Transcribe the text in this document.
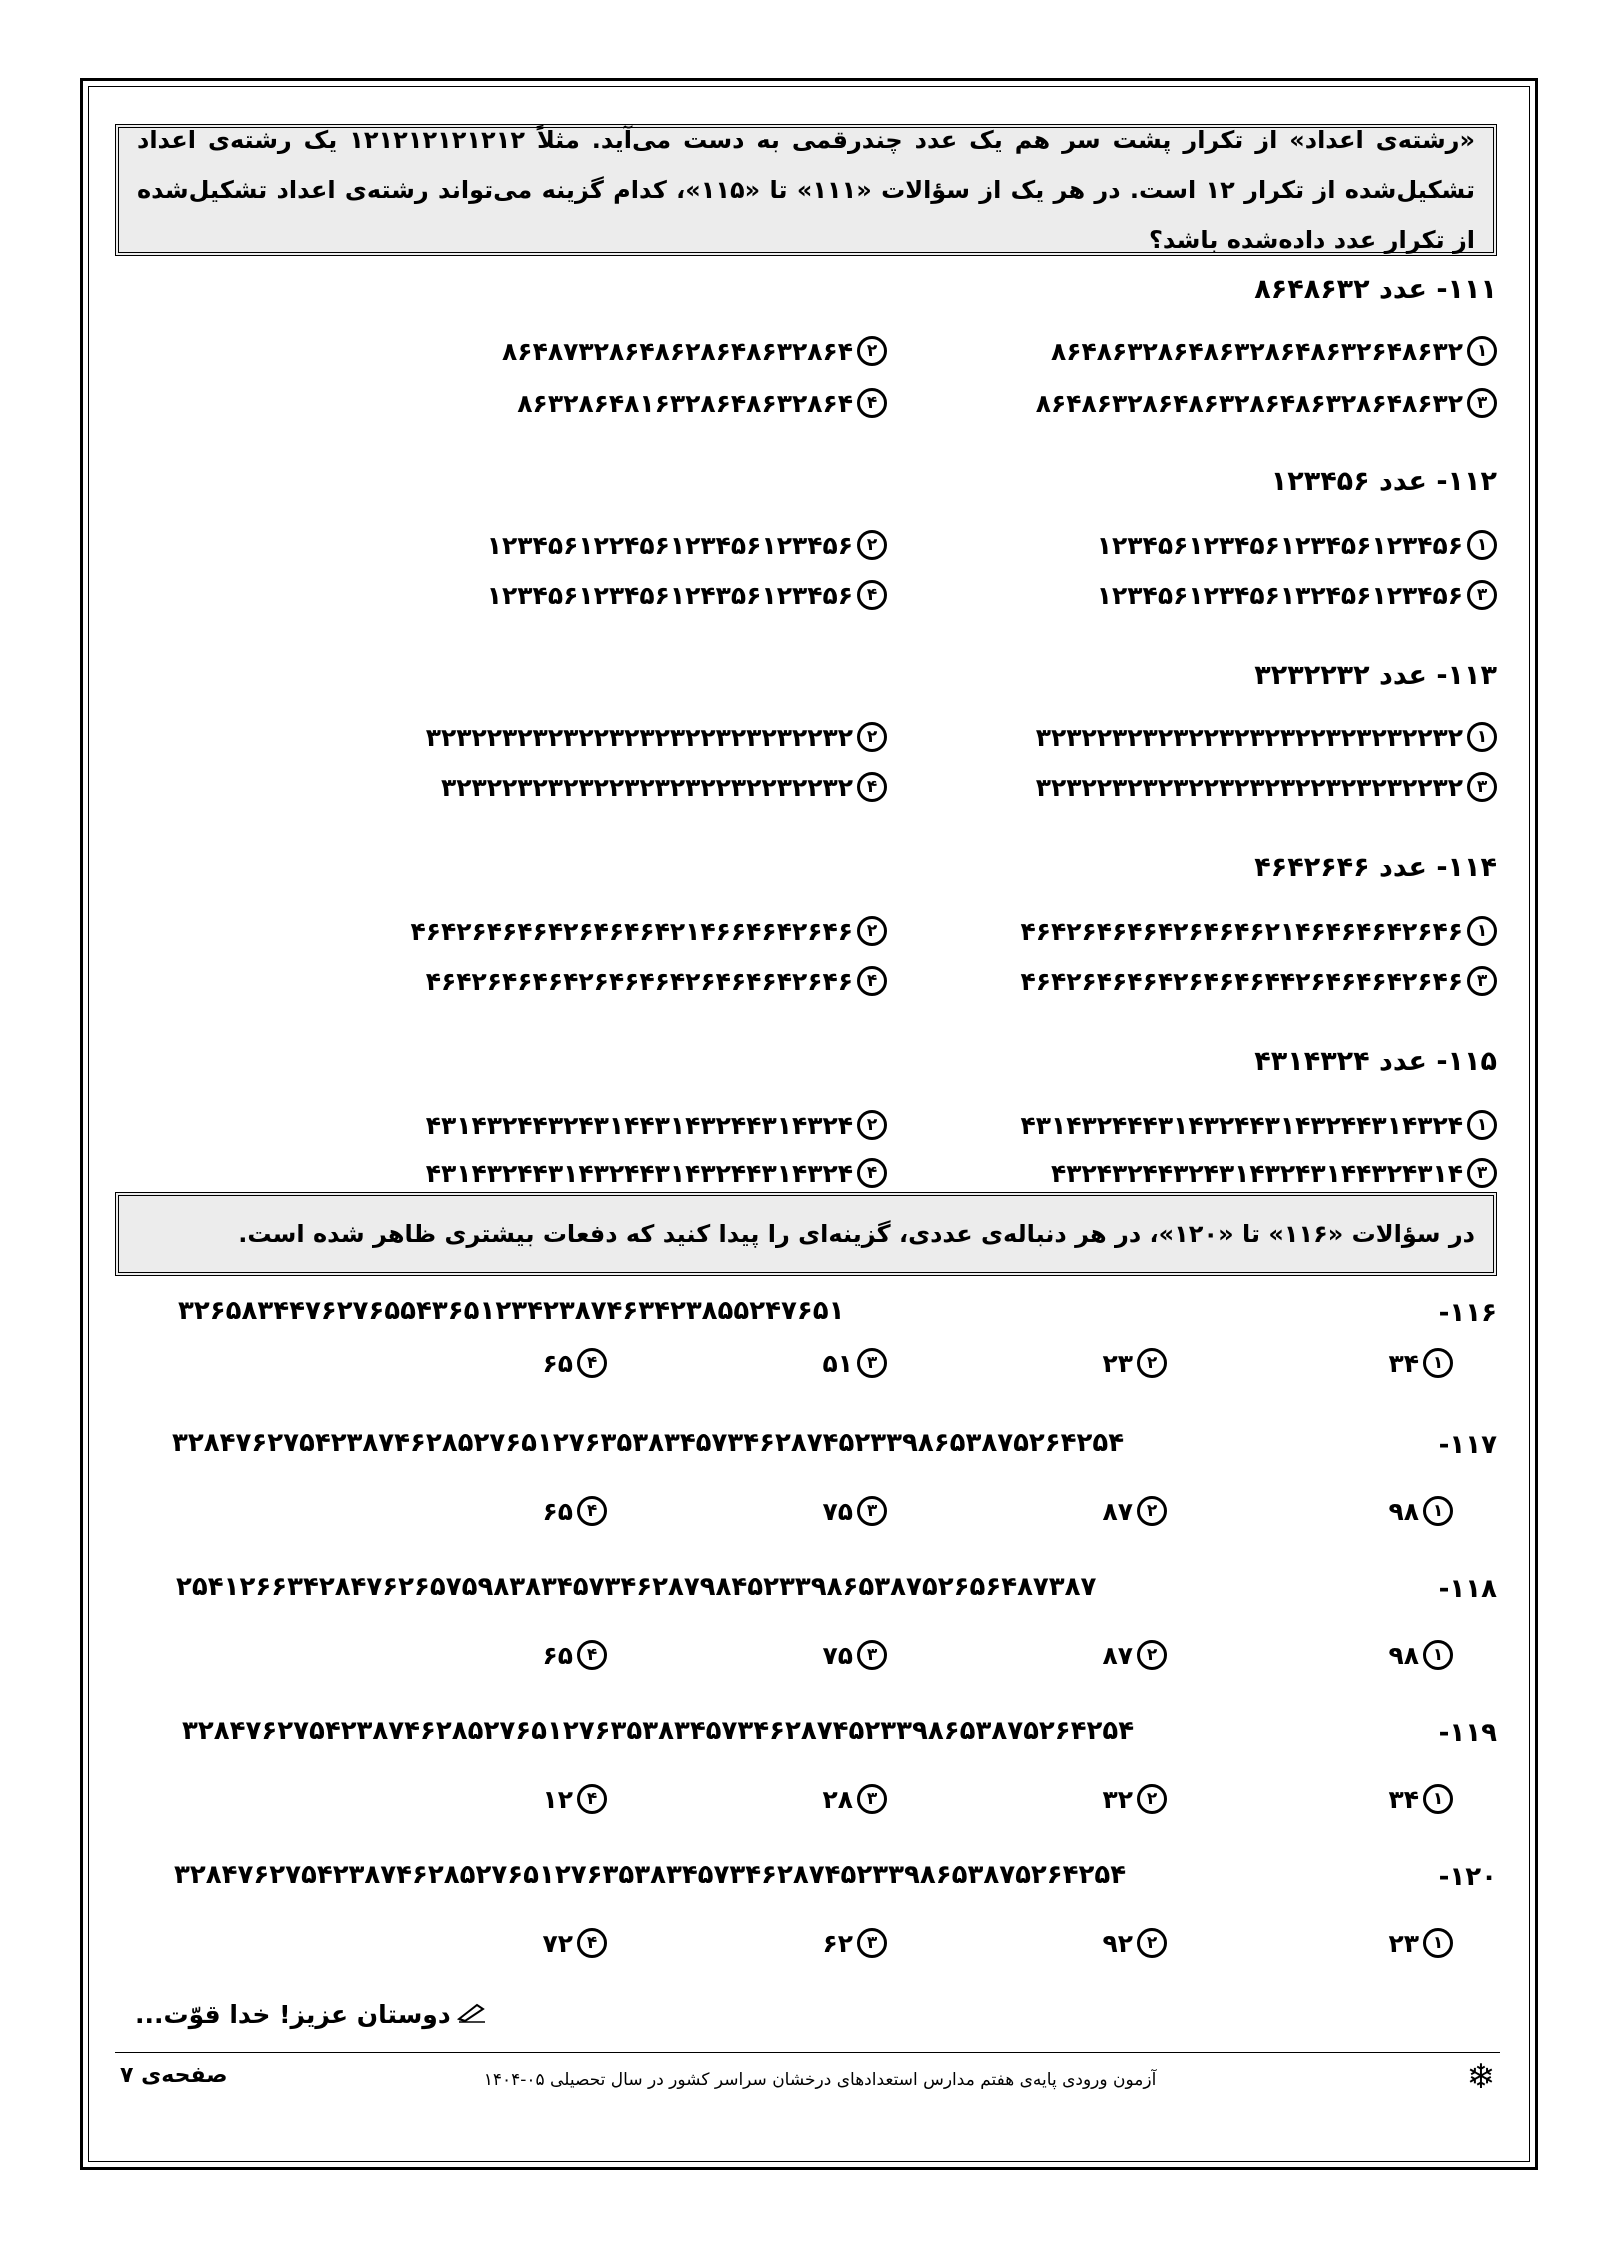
«رشته‌ی اعداد» از تکرار پشت سر هم یک عدد چندرقمی به دست می‌آید. مثلاً ۱۲۱۲۱۲۱۲۱۲۱۲ یک رشته‌ی اعداد تشکیل‌شده از تکرار ۱۲ است. در هر یک از سؤالات «۱۱۱» تا «۱۱۵»، کدام گزینه می‌تواند رشته‌ی اعداد تشکیل‌شده از تکرار عدد داده‌شده باشد؟

۱۱۱- عدد ۸۶۴۸۶۳۲
۱
۸۶۴۸۶۳۲۸۶۴۸۶۳۲۸۶۴۸۶۳۲۶۴۸۶۳۲
۲
۸۶۴۸۷۳۲۸۶۴۸۶۲۸۶۴۸۶۳۲۸۶۴
۳
۸۶۴۸۶۳۲۸۶۴۸۶۳۲۸۶۴۸۶۳۲۸۶۴۸۶۳۲
۴
۸۶۳۲۸۶۴۸۱۶۳۲۸۶۴۸۶۳۲۸۶۴
۱۱۲- عدد ۱۲۳۴۵۶
۱
۱۲۳۴۵۶۱۲۳۴۵۶۱۲۳۴۵۶۱۲۳۴۵۶
۲
۱۲۳۴۵۶۱۲۲۴۵۶۱۲۳۴۵۶۱۲۳۴۵۶
۳
۱۲۳۴۵۶۱۲۳۴۵۶۱۳۲۴۵۶۱۲۳۴۵۶
۴
۱۲۳۴۵۶۱۲۳۴۵۶۱۲۴۳۵۶۱۲۳۴۵۶
۱۱۳- عدد ۳۲۳۲۲۳۲
۱
۳۲۳۲۲۳۲۳۲۳۲۲۳۲۳۲۳۲۲۳۲۳۲۳۲۲۳۲
۲
۳۲۳۲۲۳۲۳۲۳۲۲۳۲۳۲۳۲۲۳۲۳۲۳۲۲۳۲
۳
۳۲۳۲۲۳۲۳۲۳۲۲۳۲۳۲۳۲۲۳۲۳۲۳۲۲۳۲
۴
۳۲۳۲۲۳۲۳۲۳۲۲۳۲۳۲۳۲۲۳۲۲۳۲۲۳۲
۱۱۴- عدد ۴۶۴۲۶۴۶
۱
۴۶۴۲۶۴۶۴۶۴۲۶۴۶۴۶۲۱۴۶۴۶۴۶۴۲۶۴۶
۲
۴۶۴۲۶۴۶۴۶۴۲۶۴۶۴۶۴۲۱۴۶۶۴۶۴۲۶۴۶
۳
۴۶۴۲۶۴۶۴۶۴۲۶۴۶۴۶۴۴۲۶۴۶۴۶۴۲۶۴۶
۴
۴۶۴۲۶۴۶۴۶۴۲۶۴۶۴۶۴۲۶۴۶۴۶۴۲۶۴۶
۱۱۵- عدد ۴۳۱۴۳۲۴
۱
۴۳۱۴۳۲۴۴۴۳۱۴۳۲۴۴۳۱۴۳۲۴۴۳۱۴۳۲۴
۲
۴۳۱۴۳۲۴۴۳۲۴۳۱۴۴۳۱۴۳۲۴۴۳۱۴۳۲۴
۳
۴۳۲۴۳۲۴۴۳۲۴۳۱۴۳۲۴۳۱۴۴۳۲۴۳۱۴
۴
۴۳۱۴۳۲۴۴۳۱۴۳۲۴۴۳۱۴۳۲۴۴۳۱۴۳۲۴

در سؤالات «۱۱۶» تا «۱۲۰»، در هر دنباله‌ی عددی، گزینه‌ای را پیدا کنید که دفعات بیشتری ظاهر شده است.

۱۱۶-
۳۲۶۵۸۳۴۴۷۶۲۷۶۵۵۴۳۶۵۱۲۳۴۲۳۸۷۴۶۳۴۲۳۸۵۵۲۴۷۶۵۱
۱
۳۴
۲
۲۳
۳
۵۱
۴
۶۵
۱۱۷-
۳۲۸۴۷۶۲۷۵۴۲۳۸۷۴۶۲۸۵۲۷۶۵۱۲۷۶۳۵۳۸۳۴۵۷۳۴۶۲۸۷۴۵۲۳۳۹۸۶۵۳۸۷۵۲۶۴۲۵۴
۱
۹۸
۲
۸۷
۳
۷۵
۴
۶۵
۱۱۸-
۲۵۴۱۲۶۶۳۴۲۸۴۷۶۲۶۵۷۵۹۸۳۸۳۴۵۷۳۴۶۲۸۷۹۸۴۵۲۳۳۹۸۶۵۳۸۷۵۲۶۵۶۴۸۷۳۸۷
۱
۹۸
۲
۸۷
۳
۷۵
۴
۶۵
۱۱۹-
۳۲۸۴۷۶۲۷۵۴۲۳۸۷۴۶۲۸۵۲۷۶۵۱۲۷۶۳۵۳۸۳۴۵۷۳۴۶۲۸۷۴۵۲۳۳۹۸۶۵۳۸۷۵۲۶۴۲۵۴
۱
۳۴
۲
۳۲
۳
۲۸
۴
۱۲
۱۲۰-
۳۲۸۴۷۶۲۷۵۴۲۳۸۷۴۶۲۸۵۲۷۶۵۱۲۷۶۳۵۳۸۳۴۵۷۳۴۶۲۸۷۴۵۲۳۳۹۸۶۵۳۸۷۵۲۶۴۲۵۴
۱
۲۳
۲
۹۲
۳
۶۲
۴
۷۲
دوستان عزیز! خدا قوّت...
❄
آزمون ورودی پایه‌ی هفتم مدارس استعدادهای درخشان سراسر کشور در سال تحصیلی ۰۵-۱۴۰۴
صفحه‌ی ۷
